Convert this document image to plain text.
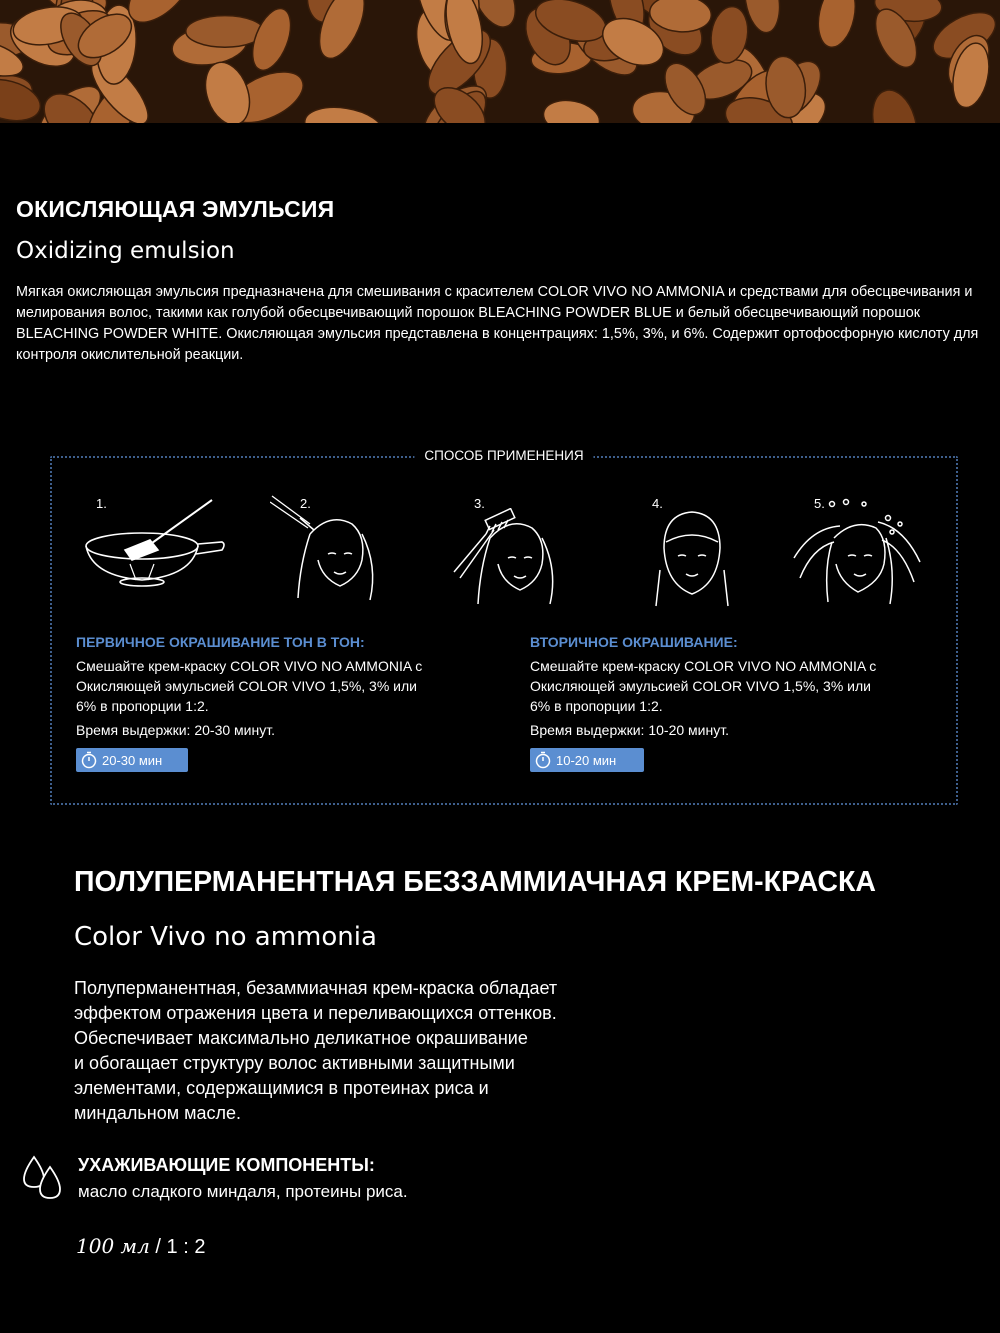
ОКИСЛЯЮЩАЯ ЭМУЛЬСИЯ
Oxidizing emulsion
Мягкая окисляющая эмульсия предназначена для смешивания с красителем COLOR VIVO NO AMMONIA и средствами для обесцвечивания и мелирования волос, такими как голубой обесцвечивающий порошок BLEACHING POWDER BLUE и белый обесцвечивающий порошок BLEACHING POWDER WHITE. Окисляющая эмульсия представлена в концентрациях: 1,5%, 3%, и 6%. Содержит ортофосфорную кислоту для контроля окислительной реакции.
СПОСОБ ПРИМЕНЕНИЯ
1.	2.	3.	4.	5.
ПЕРВИЧНОЕ ОКРАШИВАНИЕ ТОН В ТОН:
Смешайте крем-краску COLOR VIVO NO AMMONIA с
Окисляющей эмульсией COLOR VIVO 1,5%, 3% или
6% в пропорции 1:2.
Время выдержки: 20-30 минут.
20-30 мин
ВТОРИЧНОЕ ОКРАШИВАНИЕ:
Смешайте крем-краску COLOR VIVO NO AMMONIA с
Окисляющей эмульсией COLOR VIVO 1,5%, 3% или
6% в пропорции 1:2.
Время выдержки: 10-20 минут.
10-20 мин
ПОЛУПЕРМАНЕНТНАЯ БЕЗЗАММИАЧНАЯ КРЕМ-КРАСКА
Color Vivo no ammonia
Полуперманентная, безаммиачная крем-краска обладает
эффектом отражения цвета и переливающихся оттенков.
Обеспечивает максимально деликатное окрашивание
и обогащает структуру волос активными защитными
элементами, содержащимися в протеинах риса и
миндальном масле.
УХАЖИВАЮЩИЕ КОМПОНЕНТЫ:
масло сладкого миндаля, протеины риса.
100 мл / 1 : 2
